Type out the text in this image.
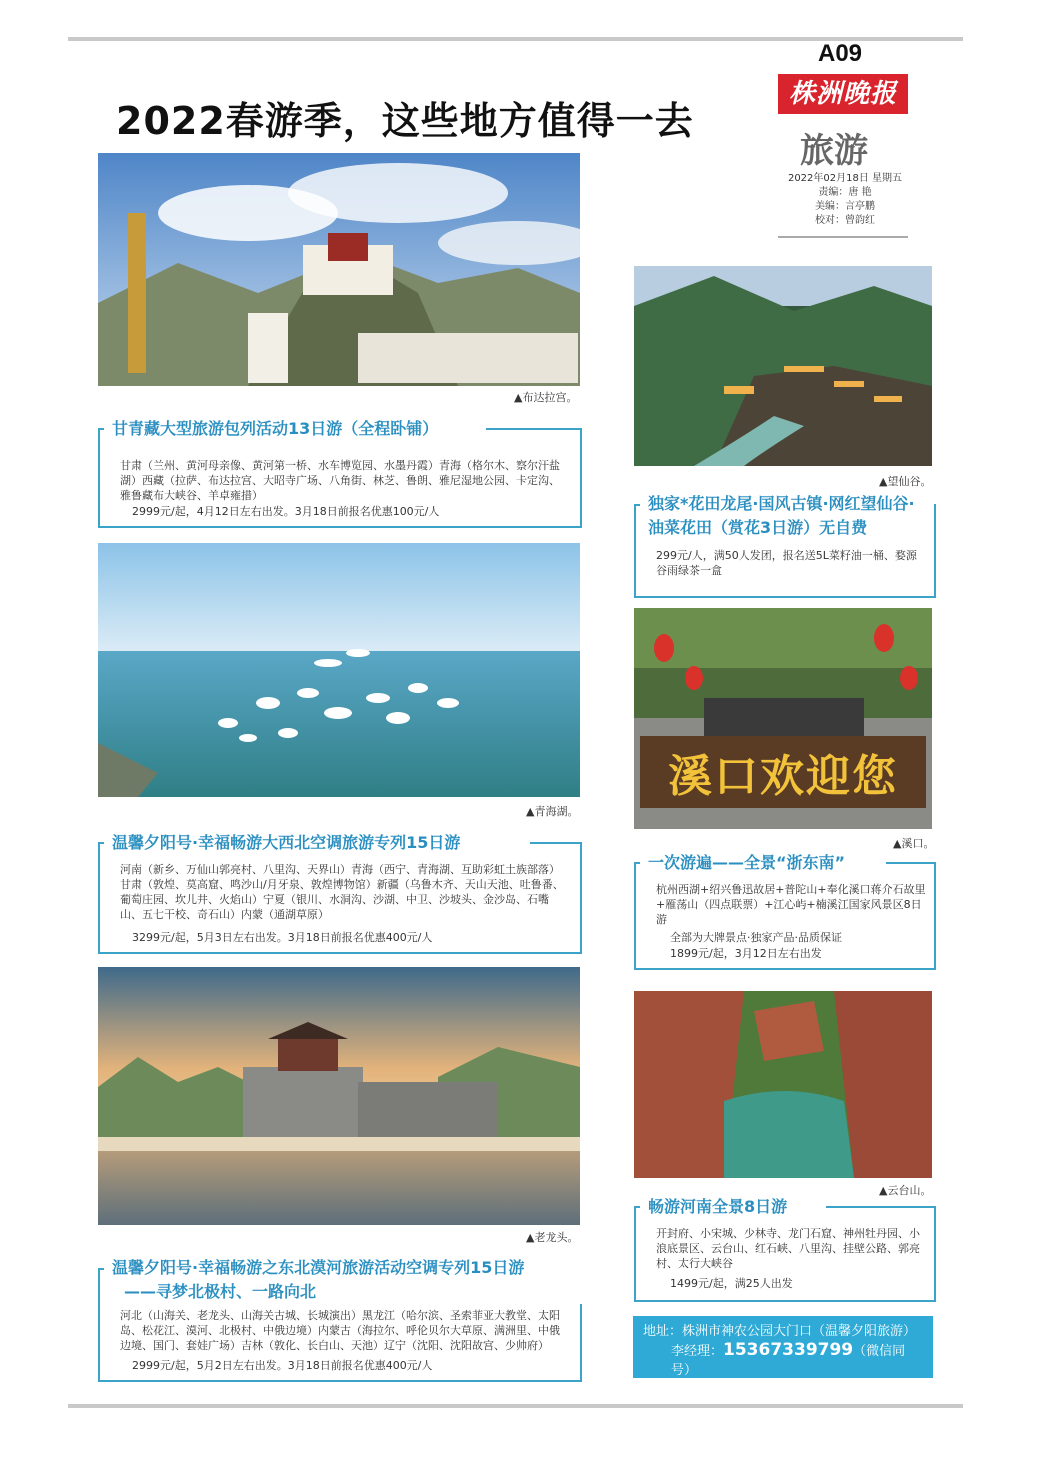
A09
株洲晚报
旅游
2022年02月18日 星期五
责编：唐 艳
美编：言亭鹏
校对：曾韵红
2022春游季，这些地方值得一去
▲布达拉宫。
甘青藏大型旅游包列活动13日游（全程卧铺）

甘肃（兰州、黄河母亲像、黄河第一桥、水车博览园、水墨丹霞）青海（格尔木、察尔汗盐湖）西藏（拉萨、布达拉宫、大昭寺广场、八角街、林芝、鲁朗、雅尼湿地公园、卡定沟、雅鲁藏布大峡谷、羊卓雍措）

2999元/起，4月12日左右出发。3月18日前报名优惠100元/人

▲青海湖。
温馨夕阳号·幸福畅游大西北空调旅游专列15日游

河南（新乡、万仙山郭亮村、八里沟、天界山）青海（西宁、青海湖、互助彩虹土族部落）甘肃（敦煌、莫高窟、鸣沙山/月牙泉、敦煌博物馆）新疆（乌鲁木齐、天山天池、吐鲁番、葡萄庄园、坎儿井、火焰山）宁夏（银川、水洞沟、沙湖、中卫、沙坡头、金沙岛、石嘴山、五七干校、奇石山）内蒙（通湖草原）

3299元/起，5月3日左右出发。3月18日前报名优惠400元/人

▲老龙头。
温馨夕阳号·幸福畅游之东北漠河旅游活动空调专列15日游
——寻梦北极村、一路向北

河北（山海关、老龙头、山海关古城、长城演出）黑龙江（哈尔滨、圣索菲亚大教堂、太阳岛、松花江、漠河、北极村、中俄边境）内蒙古（海拉尔、呼伦贝尔大草原、满洲里、中俄边境、国门、套娃广场）吉林（敦化、长白山、天池）辽宁（沈阳、沈阳故宫、少帅府）

2999元/起，5月2日左右出发。3月18日前报名优惠400元/人

▲望仙谷。
独家*花田龙尾·国风古镇·网红望仙谷·油菜花田（赏花3日游）无自费

299元/人，满50人发团，报名送5L菜籽油一桶、婺源谷雨绿茶一盒

溪口欢迎您
▲溪口。
一次游遍——全景“浙东南”

杭州西湖+绍兴鲁迅故居+普陀山+奉化溪口蒋介石故里+雁荡山（四点联票）+江心屿+楠溪江国家风景区8日游

全部为大牌景点·独家产品·品质保证

1899元/起，3月12日左右出发

▲云台山。
畅游河南全景8日游

开封府、小宋城、少林寺、龙门石窟、神州牡丹园、小浪底景区、云台山、红石峡、八里沟、挂壁公路、郭亮村、太行大峡谷

1499元/起，满25人出发

地址：株洲市神农公园大门口（温馨夕阳旅游）
李经理：15367339799（微信同号）
